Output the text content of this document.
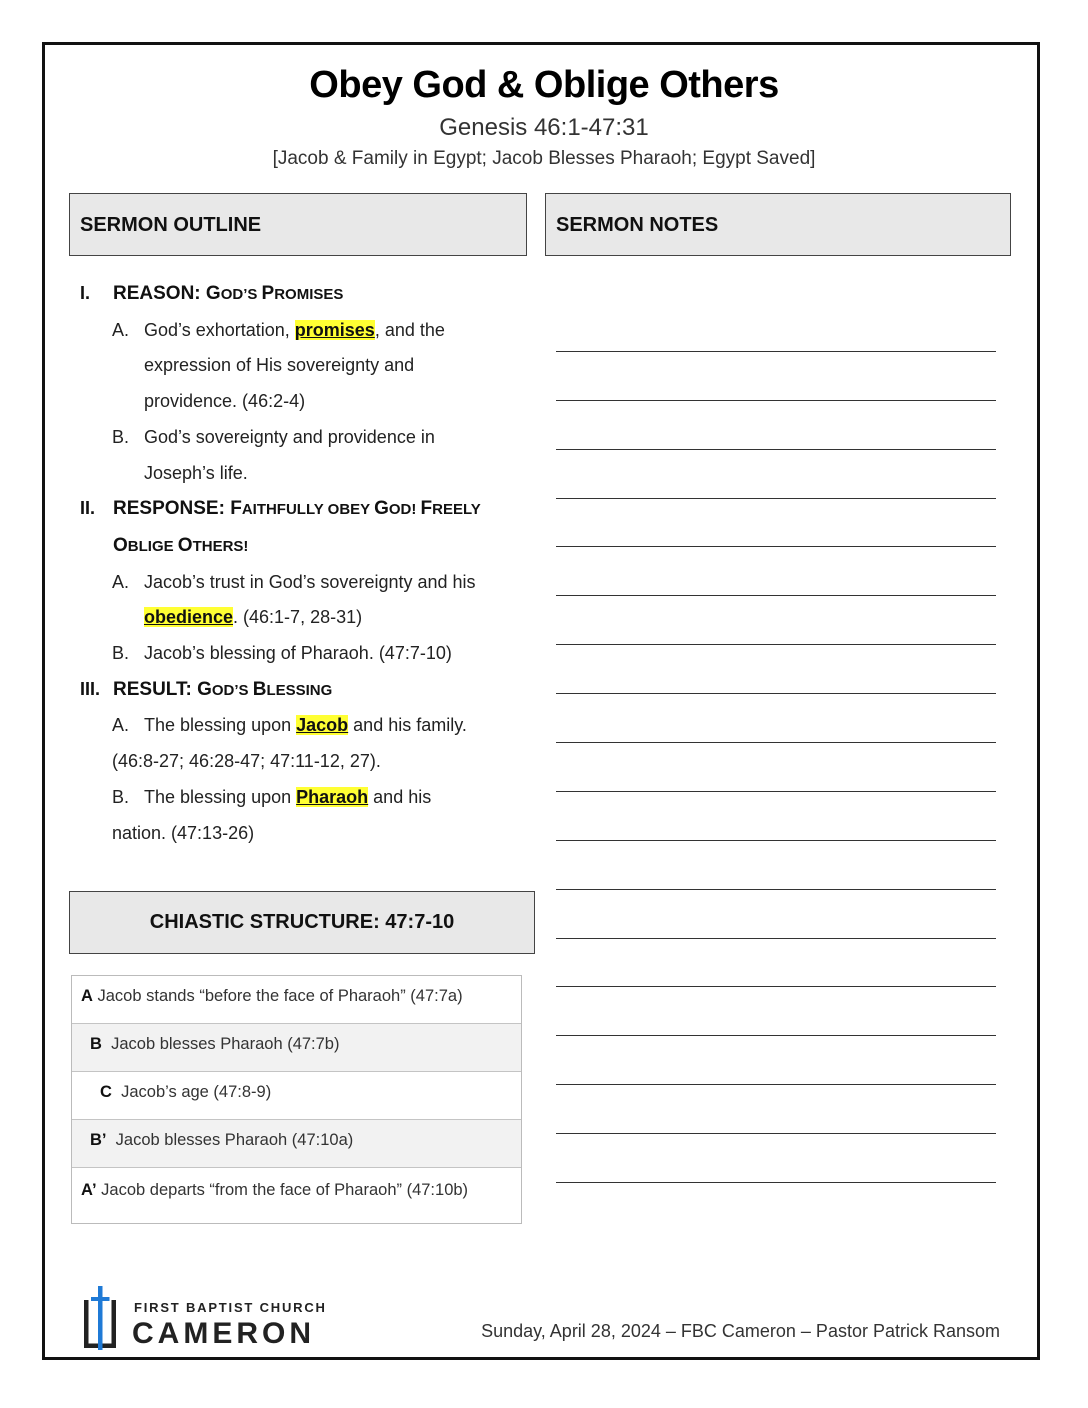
Obey God & Oblige Others
Genesis 46:1-47:31
[Jacob & Family in Egypt; Jacob Blesses Pharaoh; Egypt Saved]
SERMON OUTLINE	SERMON NOTES
I. REASON: GOD’S PROMISES
A. God’s exhortation, promises, and the
expression of His sovereignty and
providence. (46:2-4)
B. God’s sovereignty and providence in
Joseph’s life.
II. RESPONSE: FAITHFULLY OBEY GOD! FREELY
OBLIGE OTHERS!
A. Jacob’s trust in God’s sovereignty and his
obedience. (46:1-7, 28-31)
B. Jacob’s blessing of Pharaoh. (47:7-10)
III. RESULT: GOD’S BLESSING
A. The blessing upon Jacob and his family.
(46:8-27; 46:28-47; 47:11-12, 27).
B. The blessing upon Pharaoh and his
nation. (47:13-26)
CHIASTIC STRUCTURE: 47:7-10
A Jacob stands “before the face of Pharaoh” (47:7a)
B  Jacob blesses Pharaoh (47:7b)
C  Jacob’s age (47:8-9)
B’  Jacob blesses Pharaoh (47:10a)
A’ Jacob departs “from the face of Pharaoh” (47:10b)
FIRST BAPTIST CHURCH
CAMERON	Sunday, April 28, 2024 – FBC Cameron – Pastor Patrick Ransom
